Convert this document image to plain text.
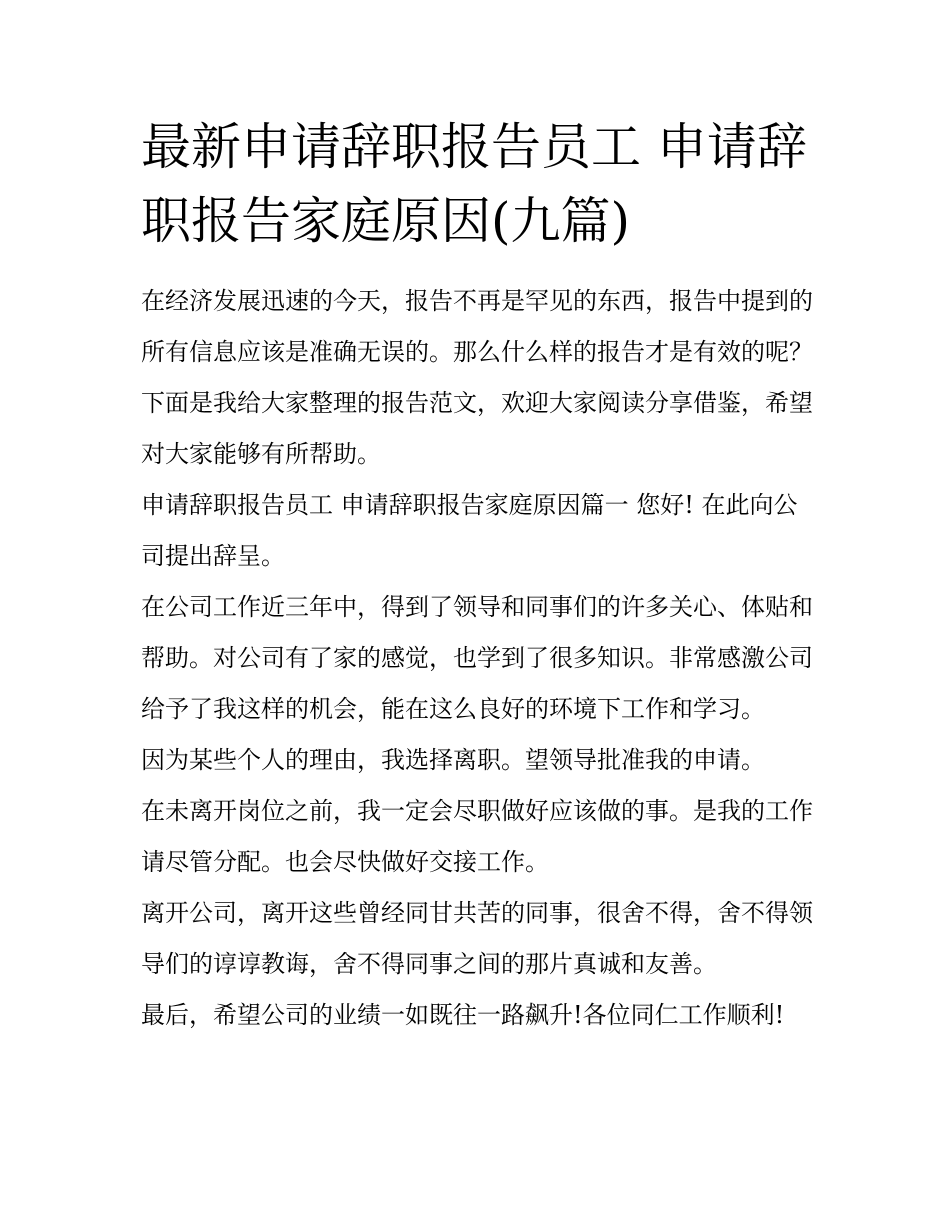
最新申请辞职报告员工 申请辞职报告家庭原因(九篇)

在经济发展迅速的今天，报告不再是罕见的东西，报告中提到的所有信息应该是准确无误的。那么什么样的报告才是有效的呢？下面是我给大家整理的报告范文，欢迎大家阅读分享借鉴，希望对大家能够有所帮助。

申请辞职报告员工 申请辞职报告家庭原因篇一 您好! 在此向公司提出辞呈。

在公司工作近三年中，得到了领导和同事们的许多关心、体贴和帮助。对公司有了家的感觉，也学到了很多知识。非常感激公司给予了我这样的机会，能在这么良好的环境下工作和学习。

因为某些个人的理由，我选择离职。望领导批准我的申请。

在未离开岗位之前，我一定会尽职做好应该做的事。是我的工作请尽管分配。也会尽快做好交接工作。

离开公司，离开这些曾经同甘共苦的同事，很舍不得，舍不得领导们的谆谆教诲，舍不得同事之间的那片真诚和友善。

最后，希望公司的业绩一如既往一路飙升!各位同仁工作顺利!
